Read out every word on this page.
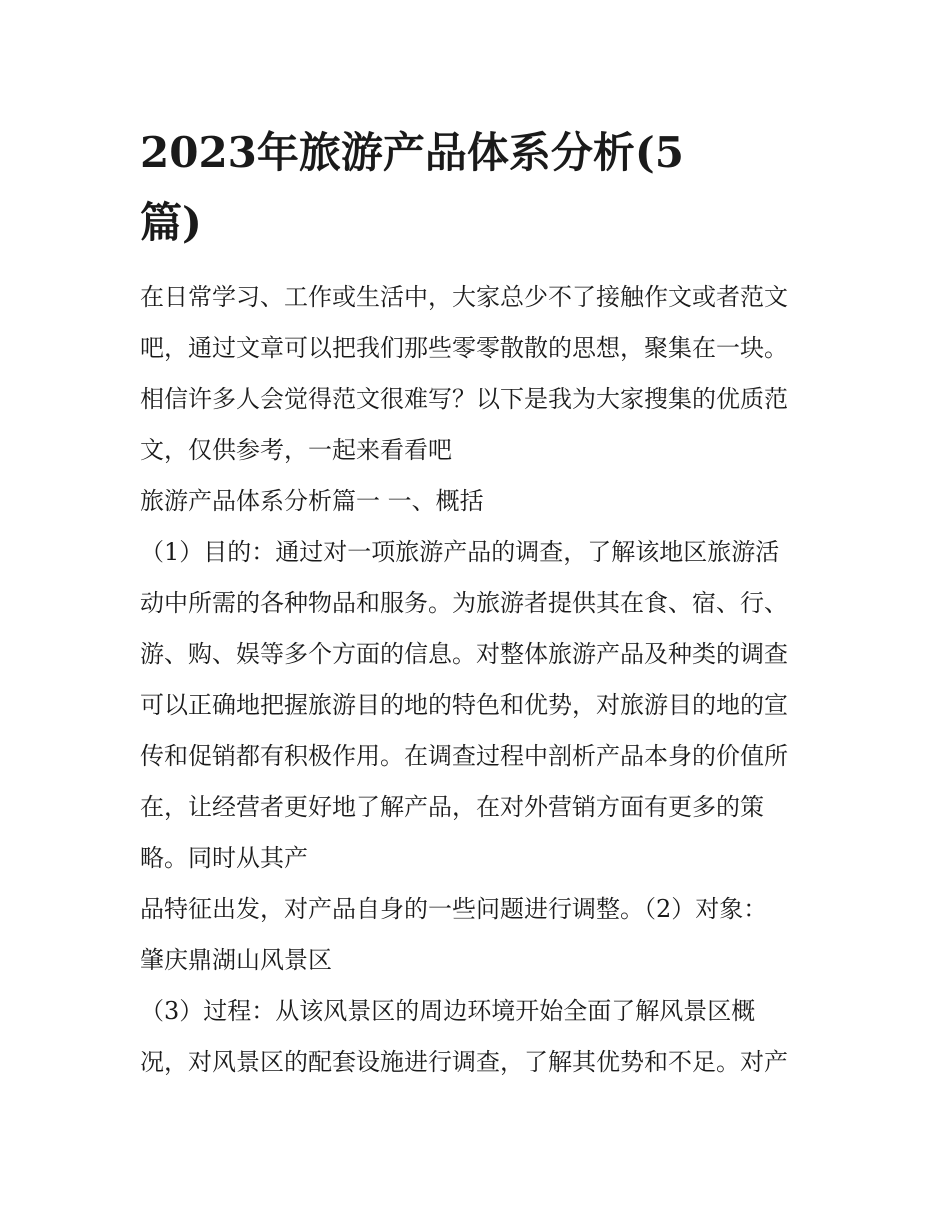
2023年旅游产品体系分析(5
篇)

在日常学习、工作或生活中，大家总少不了接触作文或者范文
吧，通过文章可以把我们那些零零散散的思想，聚集在一块。
相信许多人会觉得范文很难写？以下是我为大家搜集的优质范
文，仅供参考，一起来看看吧

旅游产品体系分析篇一 一、概括

（1）目的：通过对一项旅游产品的调查，了解该地区旅游活
动中所需的各种物品和服务。为旅游者提供其在食、宿、行、
游、购、娱等多个方面的信息。对整体旅游产品及种类的调查
可以正确地把握旅游目的地的特色和优势，对旅游目的地的宣
传和促销都有积极作用。在调查过程中剖析产品本身的价值所
在，让经营者更好地了解产品，在对外营销方面有更多的策
略。同时从其产

品特征出发，对产品自身的一些问题进行调整。（2）对象：
肇庆鼎湖山风景区

（3）过程：从该风景区的周边环境开始全面了解风景区概
况，对风景区的配套设施进行调查，了解其优势和不足。对产
